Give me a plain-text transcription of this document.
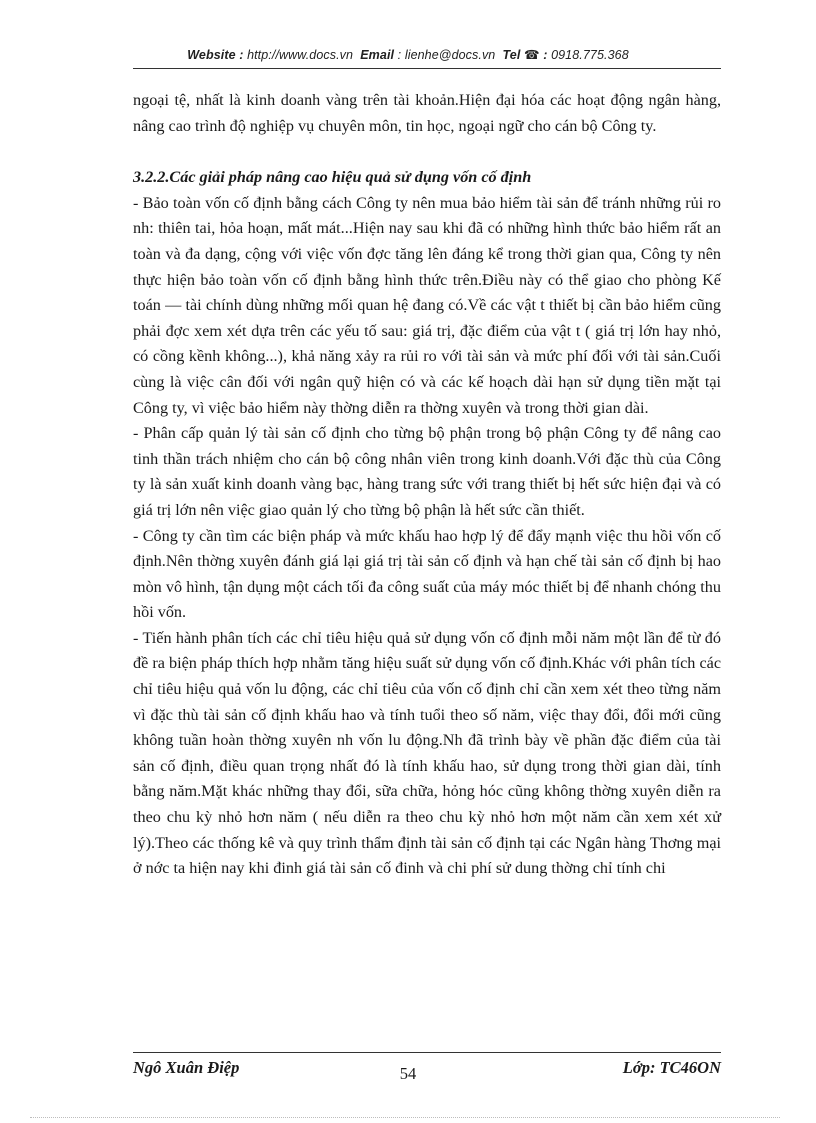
Website : http://www.docs.vn Email : lienhe@docs.vn Tel ☎ : 0918.775.368

ngoại tệ, nhất là kinh doanh vàng trên tài khoản.Hiện đại hóa các hoạt động ngân hàng, nâng cao trình độ nghiệp vụ chuyên môn, tin học, ngoại ngữ cho cán bộ Công ty.

3.2.2.Các giải pháp nâng cao hiệu quả sử dụng vốn cố định

- Bảo toàn vốn cố định bằng cách Công ty nên mua bảo hiểm tài sản để tránh những rủi ro nh: thiên tai, hỏa hoạn, mất mát...Hiện nay sau khi đã có những hình thức bảo hiểm rất an toàn và đa dạng, cộng với việc vốn đợc tăng lên đáng kể trong thời gian qua, Công ty nên thực hiện bảo toàn vốn cố định bằng hình thức trên.Điều này có thể giao cho phòng Kế toán — tài chính dùng những mối quan hệ đang có.Về các vật t thiết bị cần bảo hiểm cũng phải đợc xem xét dựa trên các yếu tố sau: giá trị, đặc điểm của vật t ( giá trị lớn hay nhỏ, có cồng kềnh không...), khả năng xảy ra rủi ro với tài sản và mức phí đối với tài sản.Cuối cùng là việc cân đối với ngân quỹ hiện có và các kế hoạch dài hạn sử dụng tiền mặt tại Công ty, vì việc bảo hiểm này thờng diễn ra thờng xuyên và trong thời gian dài.

- Phân cấp quản lý tài sản cố định cho từng bộ phận trong bộ phận Công ty để nâng cao tinh thần trách nhiệm cho cán bộ công nhân viên trong kinh doanh.Với đặc thù của Công ty là sản xuất kinh doanh vàng bạc, hàng trang sức với trang thiết bị hết sức hiện đại và có giá trị lớn nên việc giao quản lý cho từng bộ phận là hết sức cần thiết.

- Công ty cần tìm các biện pháp và mức khấu hao hợp lý để đẩy mạnh việc thu hồi vốn cố định.Nên thờng xuyên đánh giá lại giá trị tài sản cố định và hạn chế tài sản cố định bị hao mòn vô hình, tận dụng một cách tối đa công suất của máy móc thiết bị để nhanh chóng thu hồi vốn.

- Tiến hành phân tích các chỉ tiêu hiệu quả sử dụng vốn cố định mỗi năm một lần để từ đó đề ra biện pháp thích hợp nhằm tăng hiệu suất sử dụng vốn cố định.Khác với phân tích các chỉ tiêu hiệu quả vốn lu động, các chỉ tiêu của vốn cố định chỉ cần xem xét theo từng năm vì đặc thù tài sản cố định khấu hao và tính tuổi theo số năm, việc thay đổi, đổi mới cũng không tuần hoàn thờng xuyên nh vốn lu động.Nh đã trình bày về phần đặc điểm của tài sản cố định, điều quan trọng nhất đó là tính khấu hao, sử dụng trong thời gian dài, tính bằng năm.Mặt khác những thay đổi, sữa chữa, hỏng hóc cũng không thờng xuyên diễn ra theo chu kỳ nhỏ hơn năm ( nếu diễn ra theo chu kỳ nhỏ hơn một năm cần xem xét xử lý).Theo các thống kê và quy trình thẩm định tài sản cố định tại các Ngân hàng Thơng mại ở nớc ta hiện nay khi đinh giá tài sản cố đinh và chi phí sử dung thờng chỉ tính chi

Ngô Xuân Điệp	54	Lớp: TC46ON
